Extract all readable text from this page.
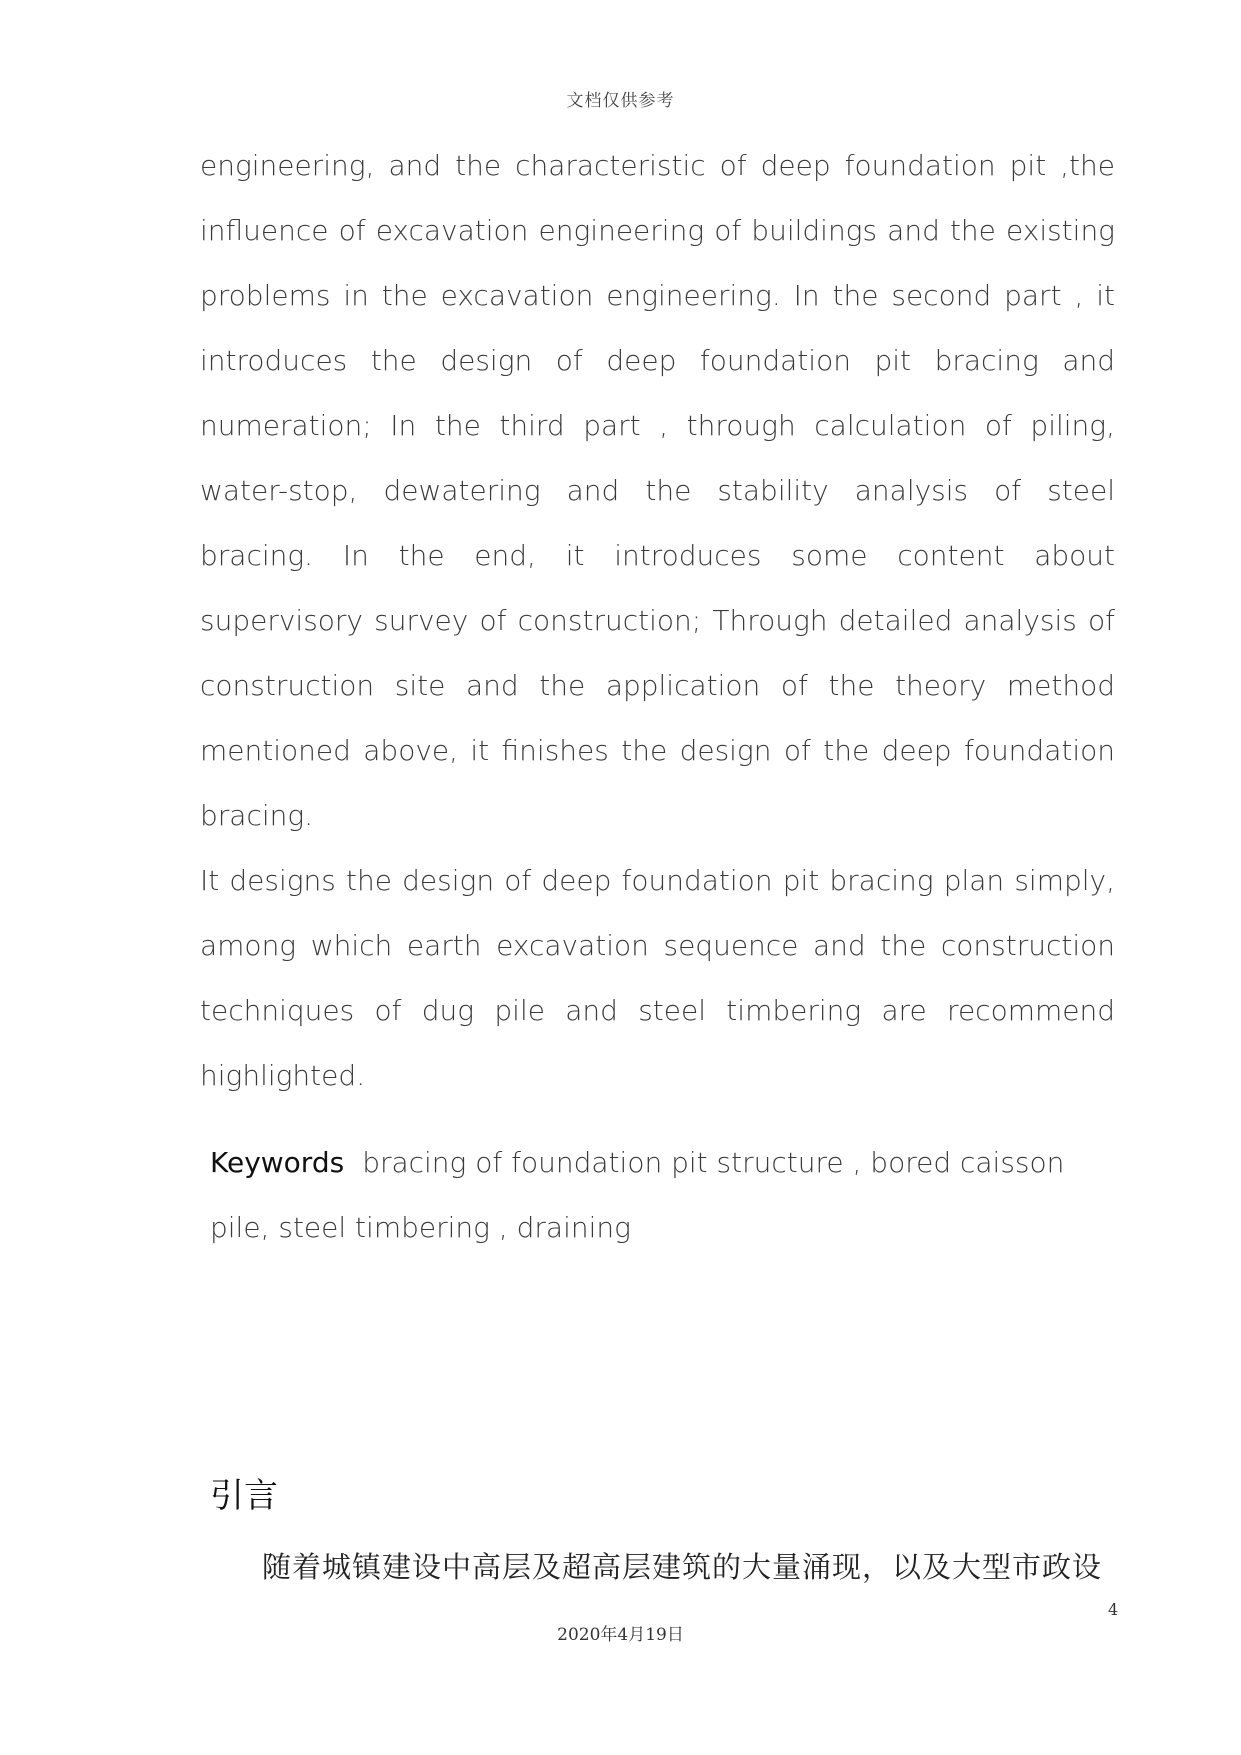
文档仅供参考

engineering, and the characteristic of deep foundation pit ,the influence of excavation engineering of buildings and the existing problems in the excavation engineering. In the second part , it introduces the design of deep foundation pit bracing and numeration; In the third part , through calculation of piling, water-stop, dewatering and the stability analysis of steel bracing. In the end, it introduces some content about supervisory survey of construction; Through detailed analysis of construction site and the application of the theory method mentioned above, it finishes the design of the deep foundation bracing.

It designs the design of deep foundation pit bracing plan simply, among which earth excavation sequence and the construction techniques of dug pile and steel timbering are recommend highlighted.

Keywords bracing of foundation pit structure , bored caisson pile, steel timbering , draining
引言
随着城镇建设中高层及超高层建筑的大量涌现，以及大型市政设
4
2020年4月19日
